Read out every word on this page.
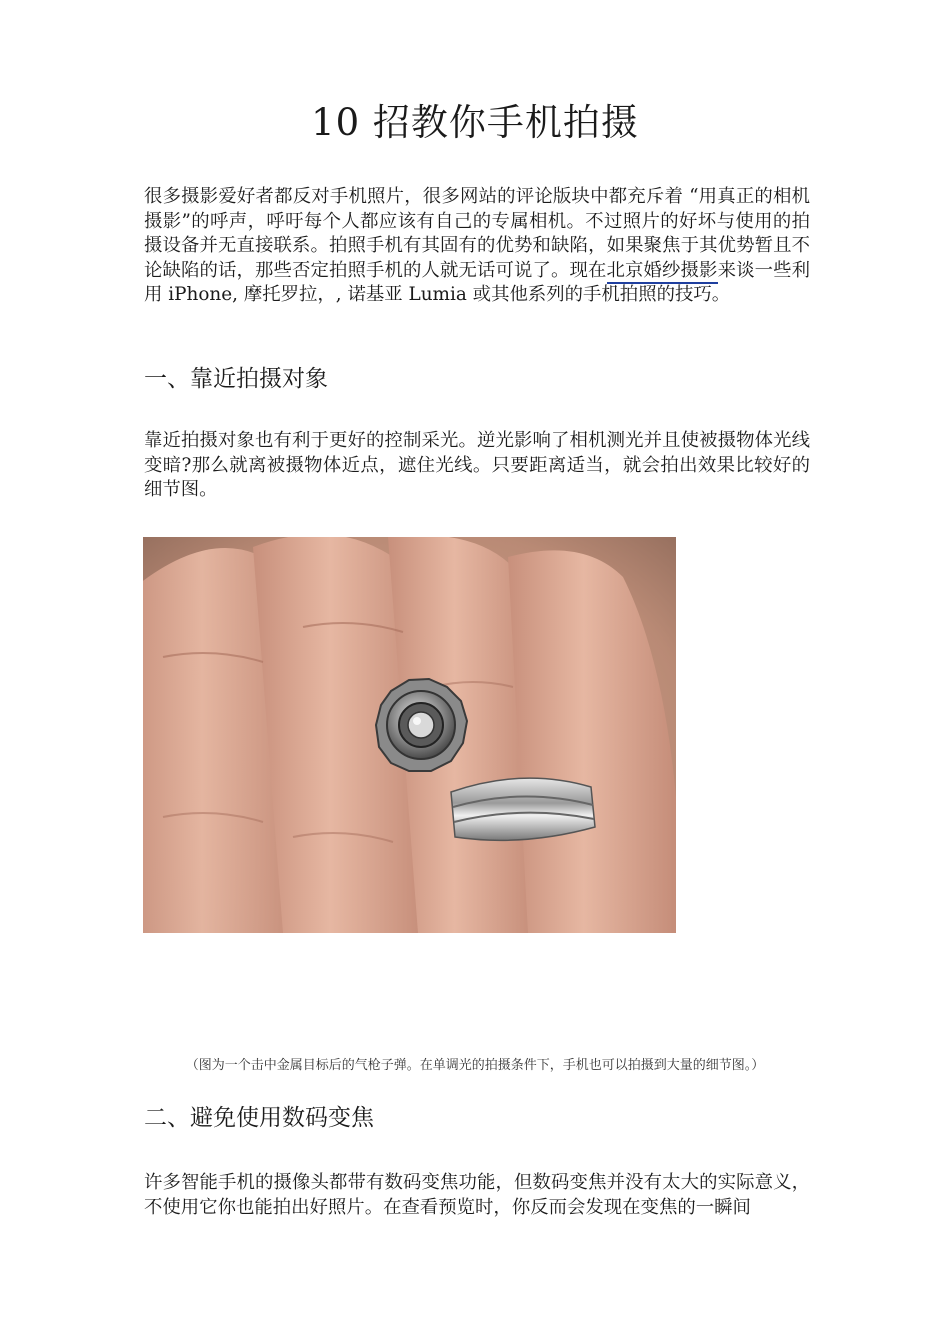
10 招教你手机拍摄

很多摄影爱好者都反对手机照片，很多网站的评论版块中都充斥着 “用真正的相机摄影”的呼声，呼吁每个人都应该有自己的专属相机。不过照片的好坏与使用的拍摄设备并无直接联系。拍照手机有其固有的优势和缺陷，如果聚焦于其优势暂且不论缺陷的话，那些否定拍照手机的人就无话可说了。现在北京婚纱摄影来谈一些利用 iPhone, 摩托罗拉，, 诺基亚 Lumia 或其他系列的手机拍照的技巧。

一、靠近拍摄对象

靠近拍摄对象也有利于更好的控制采光。逆光影响了相机测光并且使被摄物体光线变暗?那么就离被摄物体近点，遮住光线。只要距离适当，就会拍出效果比较好的细节图。

（图为一个击中金属目标后的气枪子弹。在单调光的拍摄条件下，手机也可以拍摄到大量的细节图。）

二、避免使用数码变焦

许多智能手机的摄像头都带有数码变焦功能，但数码变焦并没有太大的实际意义，不使用它你也能拍出好照片。在查看预览时，你反而会发现在变焦的一瞬间
